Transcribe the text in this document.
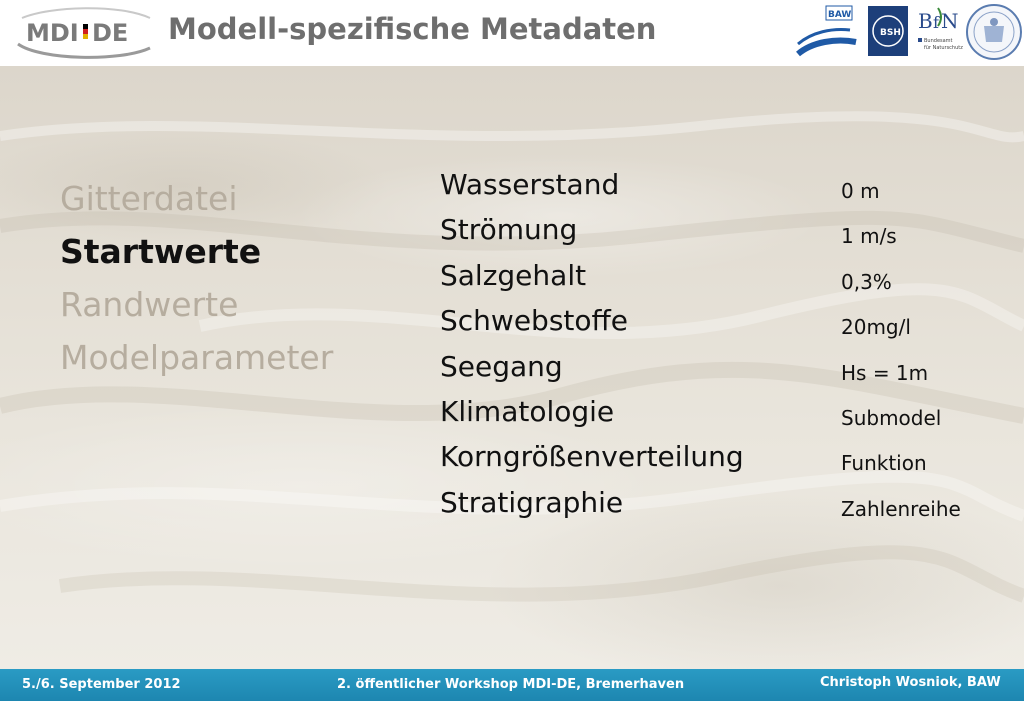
MDI DE Modell-spezifische Metadaten	BAW
BSH B f N
Bundesamt
für Naturschutz
Gitterdatei
Startwerte
Randwerte
Modelparameter
Wasserstand	0 m
Strömung	1 m/s
Salzgehalt	0,3%
Schwebstoffe	20mg/l
Seegang	Hs = 1m
Klimatologie	Submodel
Korngrößenverteilung	Funktion
Stratigraphie	Zahlenreihe
5./6. September 2012	2. öffentlicher Workshop MDI-DE, Bremerhaven	Christoph Wosniok, BAW
